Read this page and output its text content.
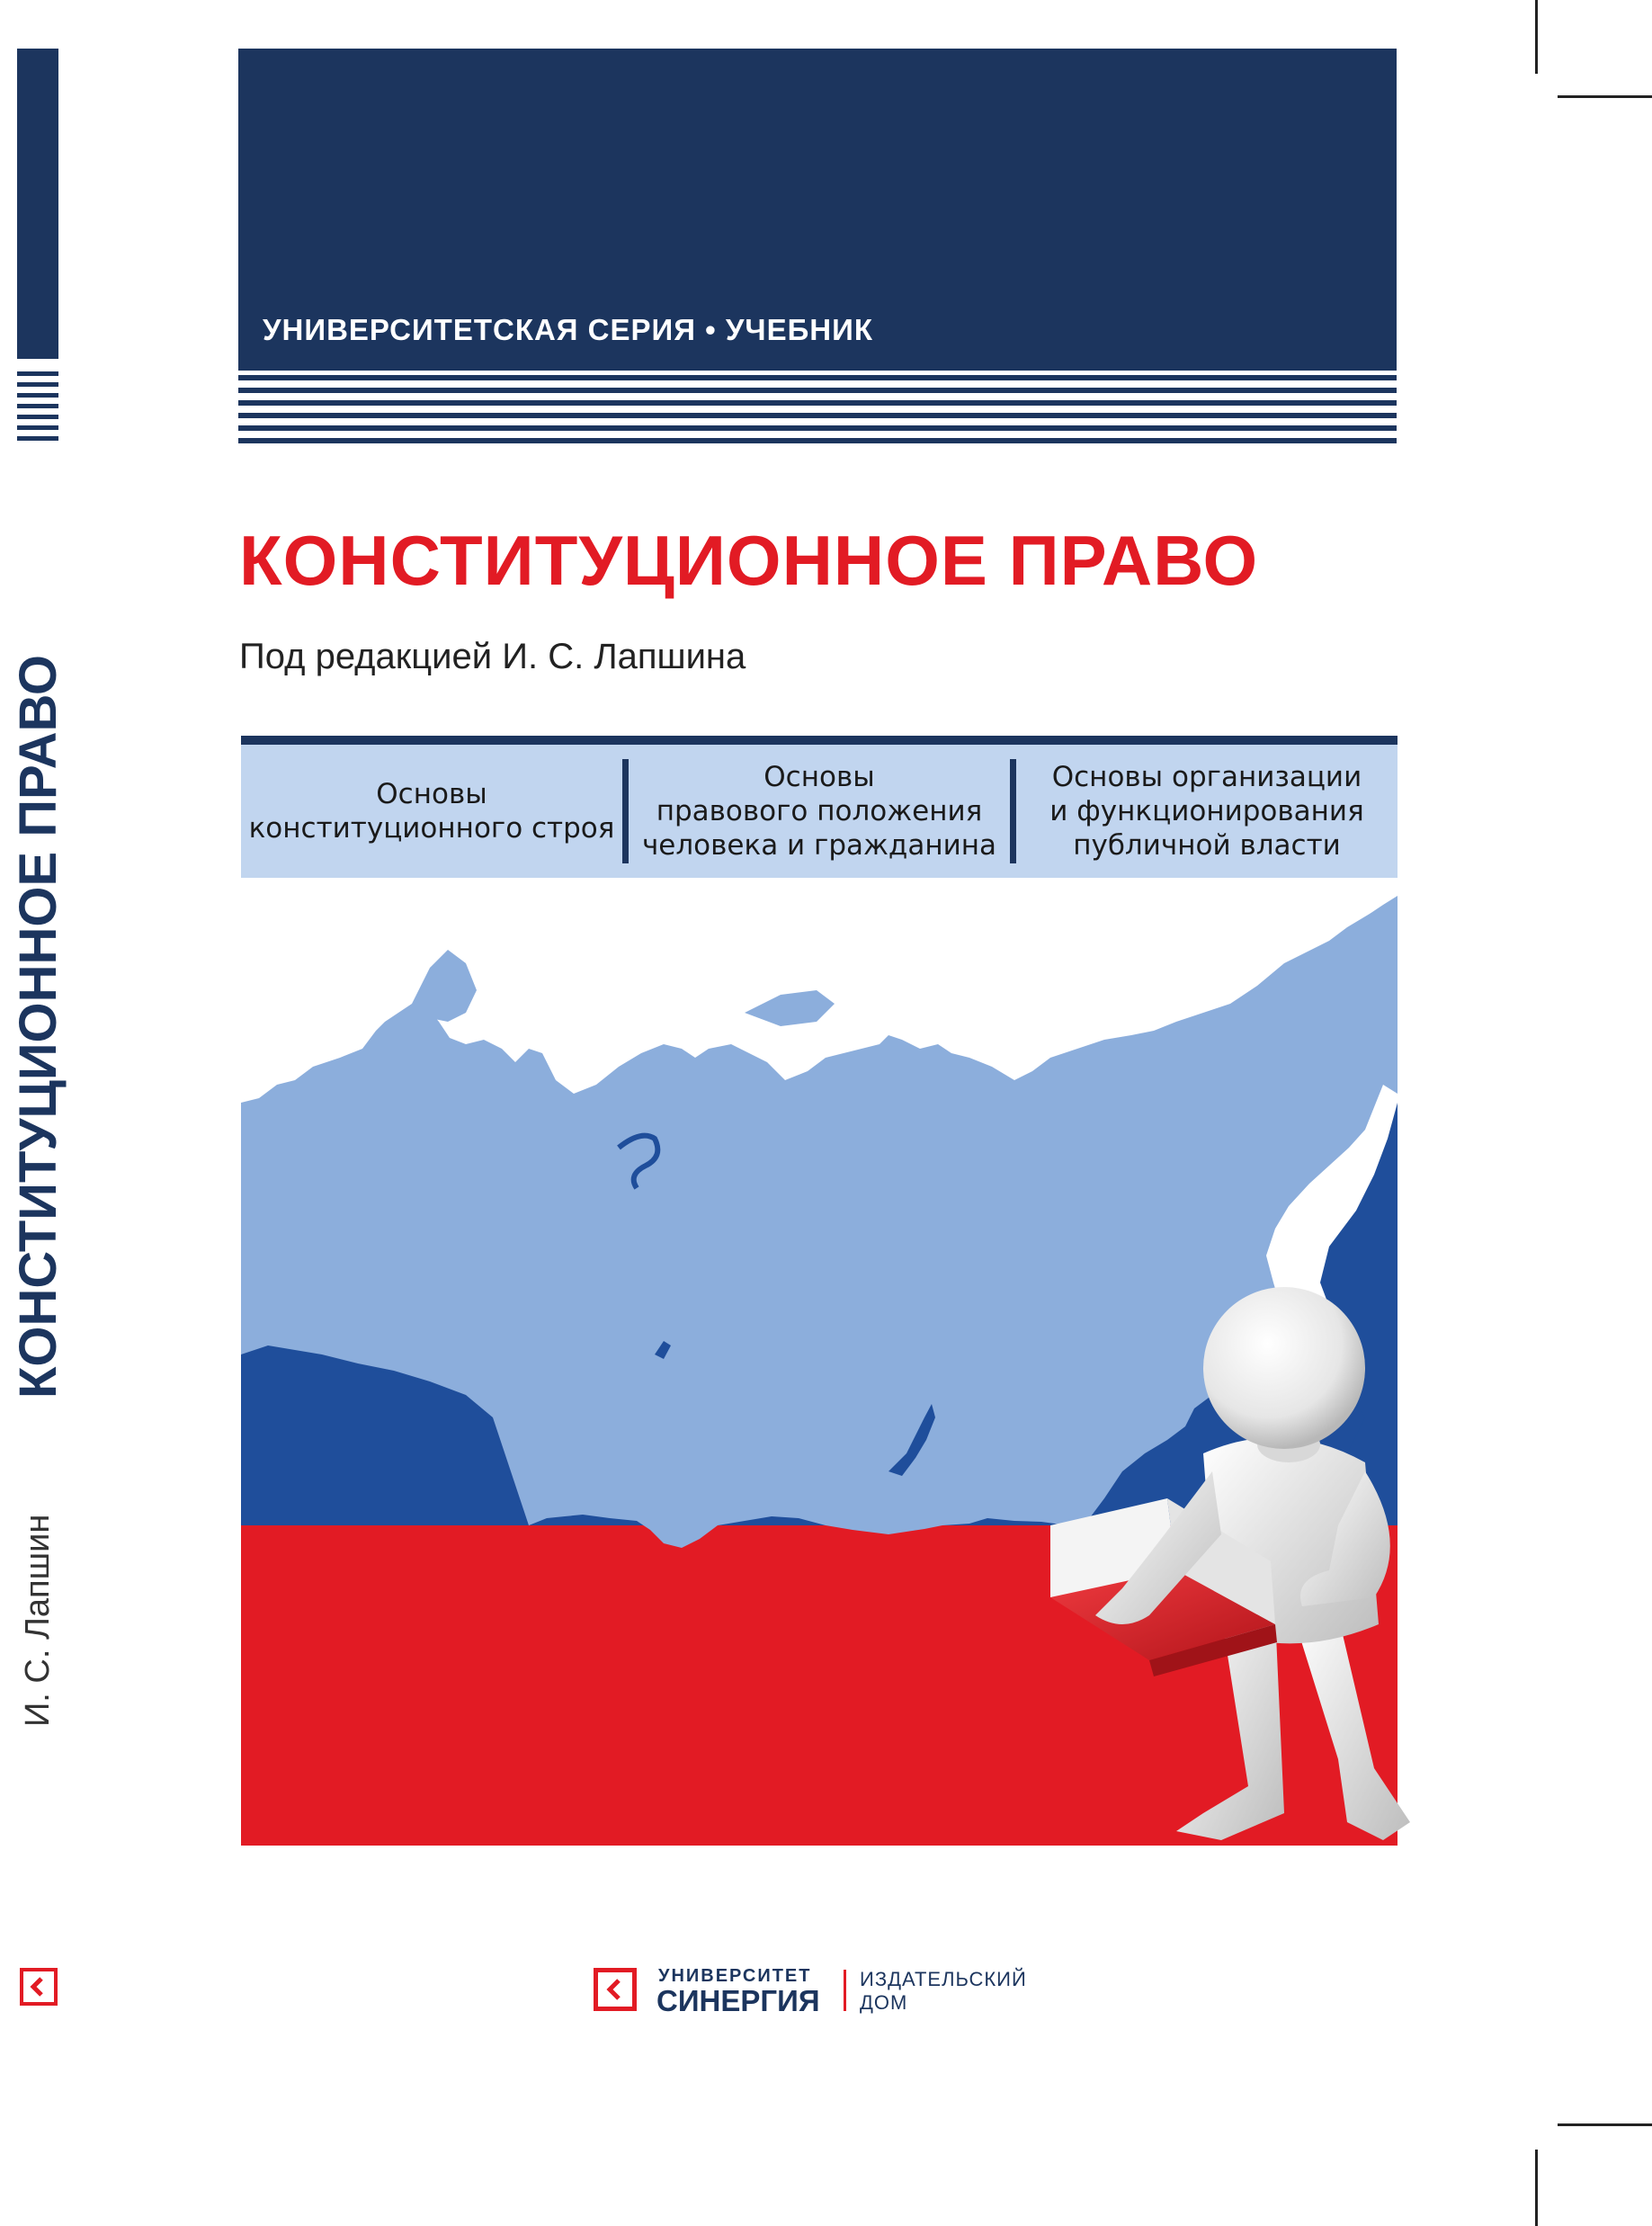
КОНСТИТУЦИОННОЕ ПРАВО
И. С. Лапшин
УНИВЕРСИТЕТСКАЯ СЕРИЯ • УЧЕБНИК
КОНСТИТУЦИОННОЕ ПРАВО
Под редакцией И. С. Лапшина
Основы
конституционного строя
Основы
правового положения
человека и гражданина
Основы организации
и функционирования
публичной власти
УНИВЕРСИТЕТ
СИНЕРГИЯ
ИЗДАТЕЛЬСКИЙ
ДОМ
